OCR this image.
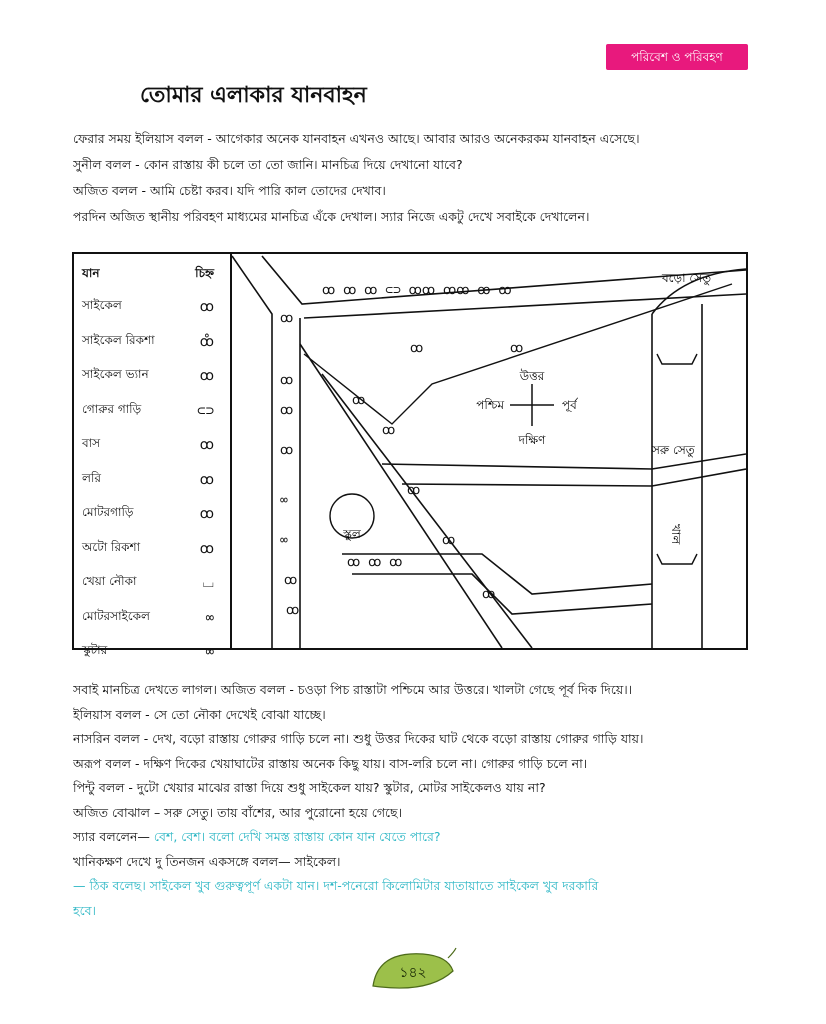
পরিবেশ ও পরিবহণ
তোমার এলাকার যানবাহন
ফেরার সময় ইলিয়াস বলল - আগেকার অনেক যানবাহন এখনও আছে। আবার আরও অনেকরকম যানবাহন এসেছে।
সুনীল বলল - কোন রাস্তায় কী চলে তা তো জানি। মানচিত্র দিয়ে দেখানো যাবে?
অজিত বলল - আমি চেষ্টা করব। যদি পারি কাল তোদের দেখাব।
পরদিন অজিত স্থানীয় পরিবহণ মাধ্যমের মানচিত্র এঁকে দেখাল। স্যার নিজে একটু দেখে সবাইকে দেখালেন।
যান	চিহ্ন
সাইকেল	ꝏ
সাইকেল রিকশা	ꝏ̊
সাইকেল ভ্যান	ꝏ
গোরুর গাড়ি	⊂⊃
বাস	ꝏ
লরি	ꝏ
মোটরগাড়ি	ꝏ
অটো রিকশা	ꝏ
খেয়া নৌকা	⌴
মোটরসাইকেল	∞
স্কুটার	∞
উত্তর
দক্ষিণ
পূর্ব
পশ্চিম
বড়ো সেতু
সরু সেতু
খাল
স্কুল
ꝏ ꝏ ꝏ ⊂⊃ ꝏꝏ ꝏꝏ ꝏ ꝏ
ꝏ
ꝏ
ꝏ
ꝏ
∞
∞
ꝏ
ꝏ
ꝏ	ꝏ
ꝏ
ꝏ
ꝏ
ꝏ
ꝏ ꝏ ꝏ
ꝏ
সবাই মানচিত্র দেখতে লাগল। অজিত বলল - চওড়া পিচ রাস্তাটা পশ্চিমে আর উত্তরে। খালটা গেছে পূর্ব দিক দিয়ে।।
ইলিয়াস বলল - সে তো নৌকা দেখেই বোঝা যাচ্ছে।
নাসরিন বলল - দেখ, বড়ো রাস্তায় গোরুর গাড়ি চলে না। শুধু উত্তর দিকের ঘাট থেকে বড়ো রাস্তায় গোরুর গাড়ি যায়।
অরূপ বলল - দক্ষিণ দিকের খেয়াঘাটের রাস্তায় অনেক কিছু যায়। বাস-লরি চলে না। গোরুর গাড়ি চলে না।
পিন্টু বলল - দুটো খেয়ার মাঝের রাস্তা দিয়ে শুধু সাইকেল যায়? স্কুটার, মোটর সাইকেলও যায় না?
অজিত বোঝাল – সরু সেতু। তায় বাঁশের, আর পুরোনো হয়ে গেছে।
স্যার বললেন— বেশ, বেশ। বলো দেখি সমস্ত রাস্তায় কোন যান যেতে পারে?
খানিকক্ষণ দেখে দু তিনজন একসঙ্গে বলল— সাইকেল।
— ঠিক বলেছ। সাইকেল খুব গুরুত্বপূর্ণ একটা যান। দশ-পনেরো কিলোমিটার যাতায়াতে সাইকেল খুব দরকারি
হবে।
১৪২
